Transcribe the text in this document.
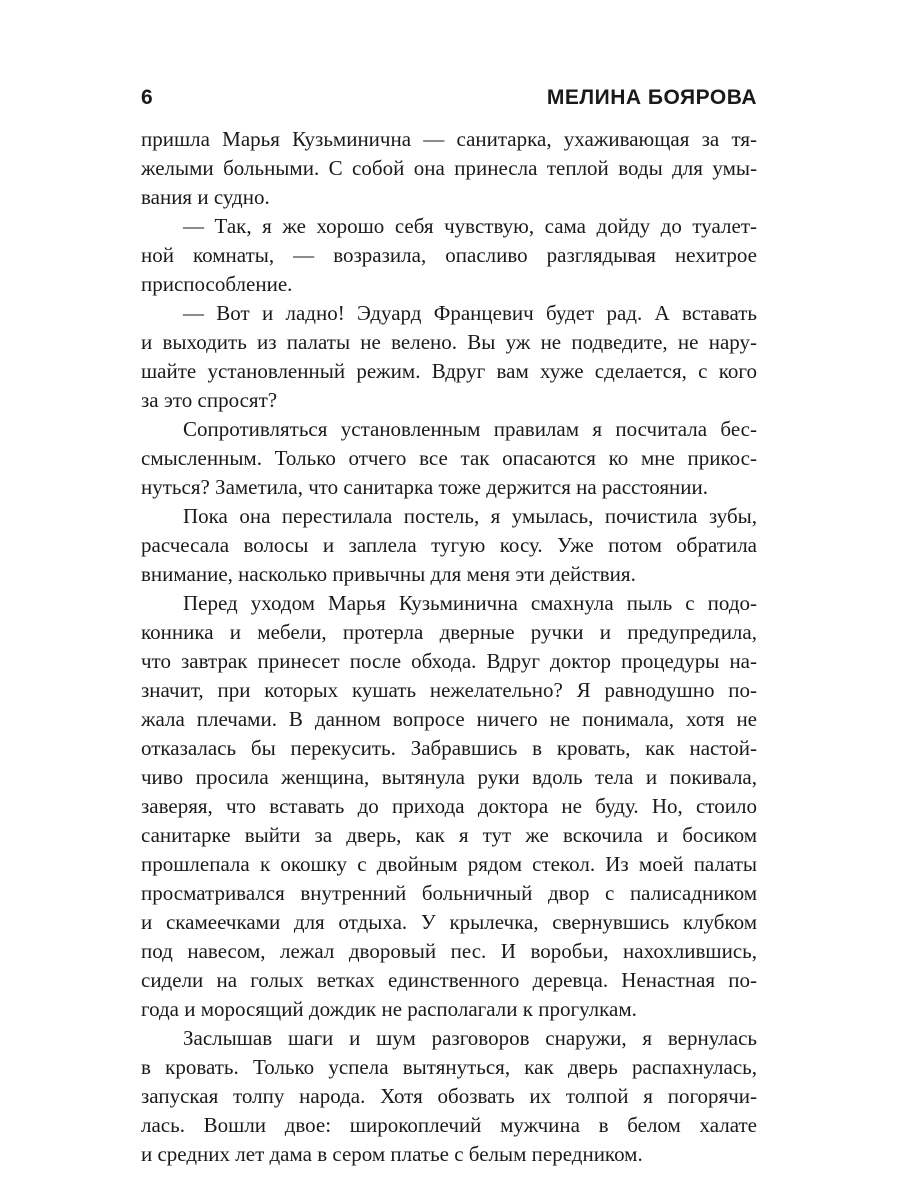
6	МЕЛИНА БОЯРОВА
пришла Марья Кузьминична — санитарка, ухаживающая за тя-
желыми больными. С собой она принесла теплой воды для умы-
вания и судно.
— Так, я же хорошо себя чувствую, сама дойду до туалет-
ной комнаты, — возразила, опасливо разглядывая нехитрое
приспособление.
— Вот и ладно! Эдуард Францевич будет рад. А вставать
и выходить из палаты не велено. Вы уж не подведите, не нару-
шайте установленный режим. Вдруг вам хуже сделается, с кого
за это спросят?
Сопротивляться установленным правилам я посчитала бес-
смысленным. Только отчего все так опасаются ко мне прикос-
нуться? Заметила, что санитарка тоже держится на расстоянии.
Пока она перестилала постель, я умылась, почистила зубы,
расчесала волосы и заплела тугую косу. Уже потом обратила
внимание, насколько привычны для меня эти действия.
Перед уходом Марья Кузьминична смахнула пыль с подо-
конника и мебели, протерла дверные ручки и предупредила,
что завтрак принесет после обхода. Вдруг доктор процедуры на-
значит, при которых кушать нежелательно? Я равнодушно по-
жала плечами. В данном вопросе ничего не понимала, хотя не
отказалась бы перекусить. Забравшись в кровать, как настой-
чиво просила женщина, вытянула руки вдоль тела и покивала,
заверяя, что вставать до прихода доктора не буду. Но, стоило
санитарке выйти за дверь, как я тут же вскочила и босиком
прошлепала к окошку с двойным рядом стекол. Из моей палаты
просматривался внутренний больничный двор с палисадником
и скамеечками для отдыха. У крылечка, свернувшись клубком
под навесом, лежал дворовый пес. И воробьи, нахохлившись,
сидели на голых ветках единственного деревца. Ненастная по-
года и моросящий дождик не располагали к прогулкам.
Заслышав шаги и шум разговоров снаружи, я вернулась
в кровать. Только успела вытянуться, как дверь распахнулась,
запуская толпу народа. Хотя обозвать их толпой я погорячи-
лась. Вошли двое: широкоплечий мужчина в белом халате
и средних лет дама в сером платье с белым передником.
